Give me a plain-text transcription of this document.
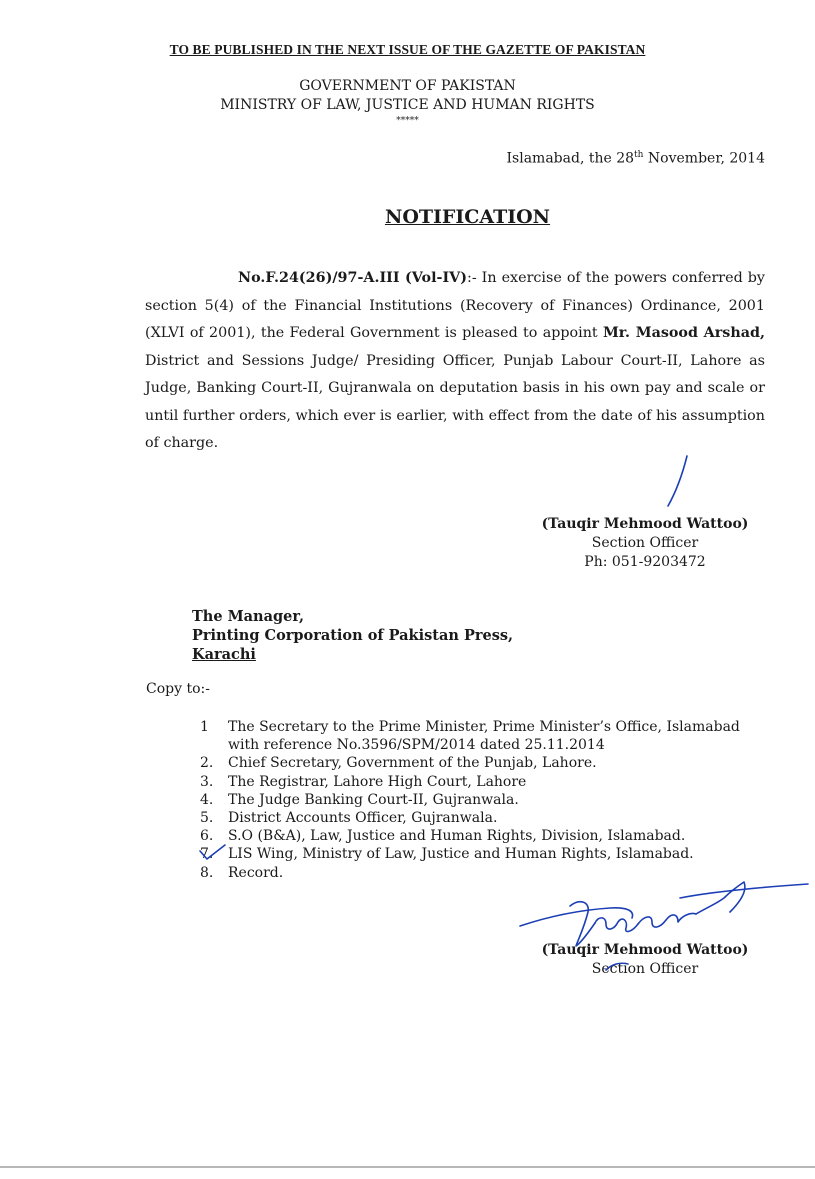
TO BE PUBLISHED IN THE NEXT ISSUE OF THE GAZETTE OF PAKISTAN
GOVERNMENT OF PAKISTAN
MINISTRY OF LAW, JUSTICE AND HUMAN RIGHTS
*****
Islamabad, the 28th November, 2014
NOTIFICATION
No.F.24(26)/97-A.III (Vol-IV):- In exercise of the powers conferred by section 5(4) of the Financial Institutions (Recovery of Finances) Ordinance, 2001 (XLVI of 2001), the Federal Government is pleased to appoint Mr. Masood Arshad, District and Sessions Judge/ Presiding Officer, Punjab Labour Court-II, Lahore as Judge, Banking Court-II, Gujranwala on deputation basis in his own pay and scale or until further orders, which ever is earlier, with effect from the date of his assumption of charge.
(Tauqir Mehmood Wattoo)
Section Officer
Ph: 051-9203472
The Manager,
Printing Corporation of Pakistan Press,
Karachi
Copy to:-
1	The Secretary to the Prime Minister, Prime Minister’s Office, Islamabad
with reference No.3596/SPM/2014 dated 25.11.2014
2.	Chief Secretary, Government of the Punjab, Lahore.
3.	The Registrar, Lahore High Court, Lahore
4.	The Judge Banking Court-II, Gujranwala.
5.	District Accounts Officer, Gujranwala.
6.	S.O (B&A), Law, Justice and Human Rights, Division, Islamabad.
7.	LIS Wing, Ministry of Law, Justice and Human Rights, Islamabad.
8.	Record.
(Tauqir Mehmood Wattoo)
Section Officer
